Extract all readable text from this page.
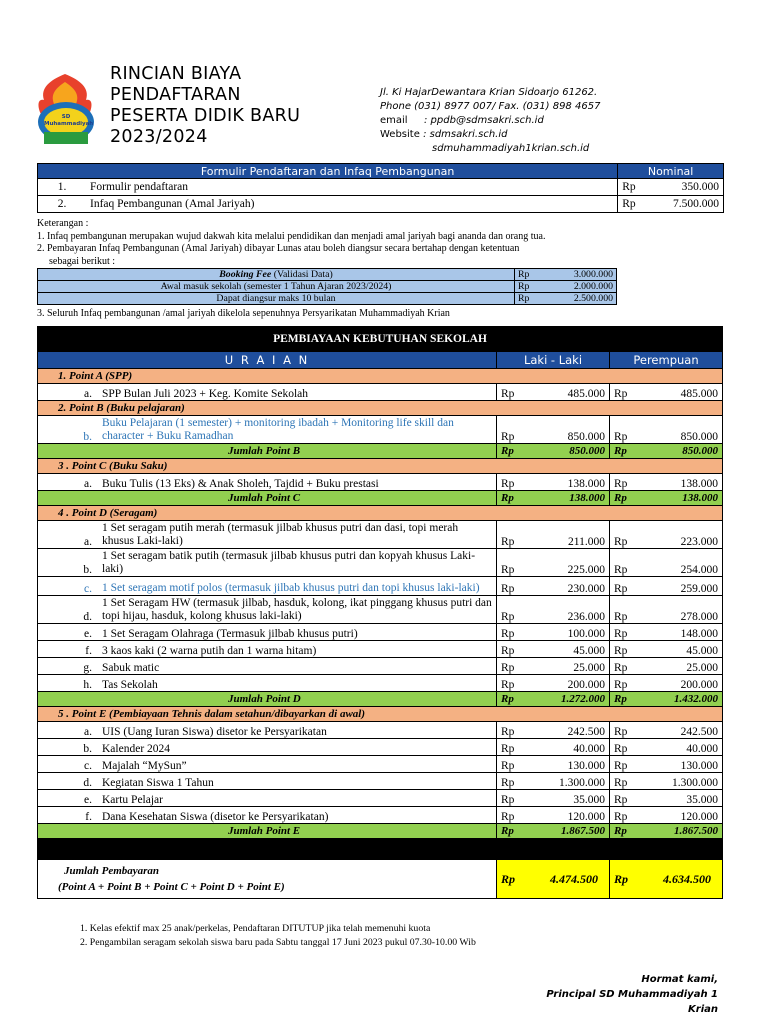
SD Muhammadiyah
RINCIAN BIAYA
PENDAFTARAN
PESERTA DIDIK BARU
2023/2024
Jl. Ki HajarDewantara Krian Sidoarjo 61262.
Phone (031) 8977 007/ Fax. (031) 898 4657
email : ppdb@sdmsakri.sch.id
Website : sdmsakri.sch.id
sdmuhammadiyah1krian.sch.id
Formulir Pendaftaran dan Infaq Pembangunan		Nominal	
1.	Formulir pendaftaran	Rp	350.000
2.	Infaq Pembangunan (Amal Jariyah)	Rp	7.500.000
Keterangan :
1. Infaq pembangunan merupakan wujud dakwah kita melalui pendidikan dan menjadi amal jariyah bagi ananda dan orang tua.
2. Pembayaran Infaq Pembangunan (Amal Jariyah) dibayar Lunas atau boleh diangsur secara bertahap dengan ketentuan
sebagai berikut :
Booking Fee (Validasi Data)	Rp	3.000.000
Awal masuk sekolah (semester 1 Tahun Ajaran 2023/2024)	Rp	2.000.000
Dapat diangsur maks 10 bulan	Rp	2.500.000
3. Seluruh Infaq pembangunan /amal jariyah dikelola sepenuhnya Persyarikatan Muhammadiyah Krian
PEMBIAYAAN KEBUTUHAN SEKOLAH					
U R A I A N		Laki - Laki		Perempuan	
1. Point A (SPP)					
a.	SPP Bulan Juli 2023 + Keg. Komite Sekolah	Rp	485.000	Rp	485.000
2. Point B (Buku pelajaran)					
b.	Buku Pelajaran (1 semester) + monitoring ibadah + Monitoring life skill dan character + Buku Ramadhan	Rp	850.000	Rp	850.000
Jumlah Point B		Rp	850.000	Rp	850.000
3 . Point C (Buku Saku)					
a.	Buku Tulis (13 Eks) & Anak Sholeh, Tajdid + Buku prestasi	Rp	138.000	Rp	138.000
Jumlah Point C		Rp	138.000	Rp	138.000
4 . Point D (Seragam)					
a.	1 Set seragam putih merah (termasuk jilbab khusus putri dan dasi, topi merah khusus Laki-laki)	Rp	211.000	Rp	223.000
b.	1 Set seragam batik putih (termasuk jilbab khusus putri dan kopyah khusus Laki-laki)	Rp	225.000	Rp	254.000
c.	1 Set seragam motif polos (termasuk jilbab khusus putri dan topi khusus laki-laki)	Rp	230.000	Rp	259.000
d.	1 Set Seragam HW (termasuk jilbab, hasduk, kolong, ikat pinggang khusus putri dan topi hijau, hasduk, kolong khusus laki-laki)	Rp	236.000	Rp	278.000
e.	1 Set Seragam Olahraga (Termasuk jilbab khusus putri)	Rp	100.000	Rp	148.000
f.	3 kaos kaki (2 warna putih dan 1 warna hitam)	Rp	45.000	Rp	45.000
g.	Sabuk matic	Rp	25.000	Rp	25.000
h.	Tas Sekolah	Rp	200.000	Rp	200.000
Jumlah Point D		Rp	1.272.000	Rp	1.432.000
5 . Point E (Pembiayaan Tehnis dalam setahun/dibayarkan di awal)					
a.	UIS (Uang Iuran Siswa) disetor ke Persyarikatan	Rp	242.500	Rp	242.500
b.	Kalender 2024	Rp	40.000	Rp	40.000
c.	Majalah “MySun”	Rp	130.000	Rp	130.000
d.	Kegiatan Siswa 1 Tahun	Rp	1.300.000	Rp	1.300.000
e.	Kartu Pelajar	Rp	35.000	Rp	35.000
f.	Dana Kesehatan Siswa (disetor ke Persyarikatan)	Rp	120.000	Rp	120.000
Jumlah Point E		Rp	1.867.500	Rp	1.867.500

Jumlah Pembayaran
(Point A + Point B + Point C + Point D + Point E)		Rp	4.474.500	Rp	4.634.500
1. Kelas efektif max 25 anak/perkelas, Pendaftaran DITUTUP jika telah memenuhi kuota
2. Pengambilan seragam sekolah siswa baru pada Sabtu tanggal 17 Juni 2023 pukul 07.30-10.00 Wib
Hormat kami,
Principal SD Muhammadiyah 1 Krian
